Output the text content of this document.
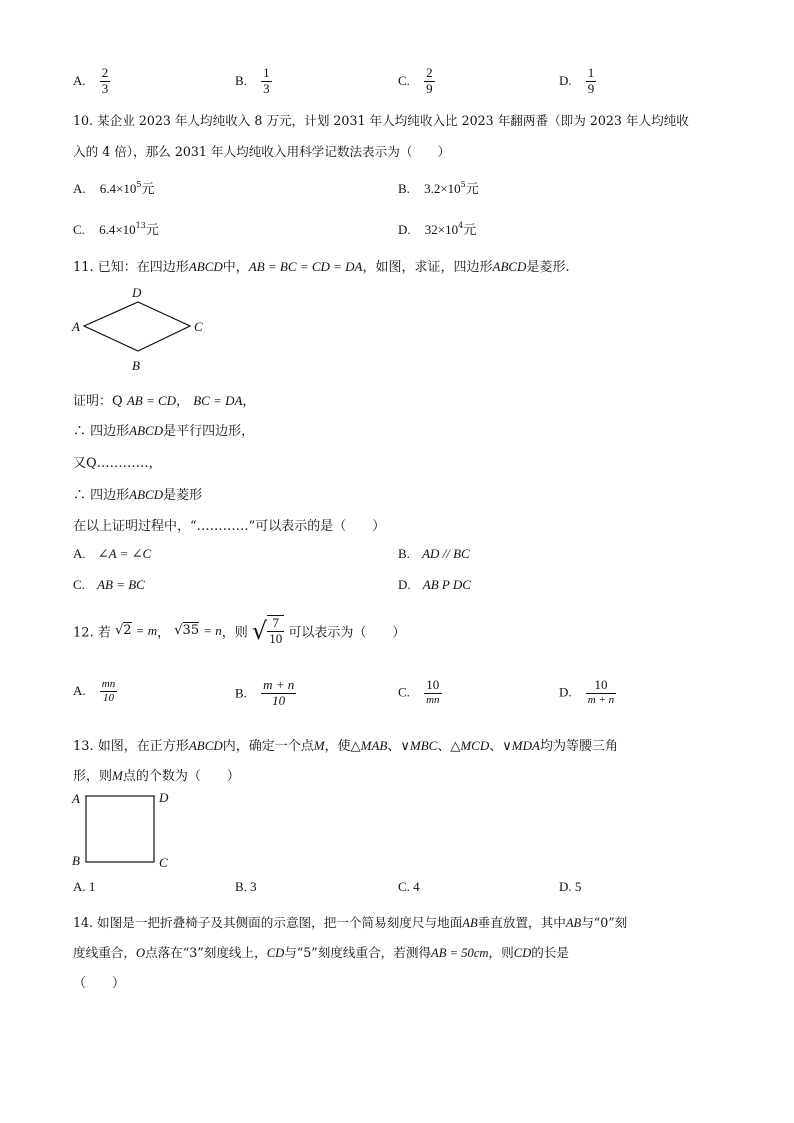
A. $\frac{2}{3}$	B. $\frac{1}{3}$	C. $\frac{2}{9}$	D. $\frac{1}{9}$
10. 某企业 2023 年人均纯收入 8 万元，计划 2031 年人均纯收入比 2023 年翻两番（即为 2023 年人均纯收
入的 4 倍），那么 2031 年人均纯收入用科学记数法表示为（　　）
A. $6.4\times 10^5$元	B. $3.2\times 10^5$元
C. $6.4\times 10^{13}$元	D. $32\times 10^4$元
11. 已知：在四边形ABCD中，AB = BC = CD = DA，如图，求证，四边形ABCD是菱形.
A
D
C
B
证明：Q AB = CD， BC = DA，
∴ 四边形ABCD是平行四边形，
又Q…………，
∴ 四边形ABCD是菱形
在以上证明过程中，“…………”可以表示的是（　　）
A. ∠A = ∠C	B. AD // BC
C. AB = BC	D. AB P DC
12. 若 √2 = m， √35 = n，则 √ $\frac{7}{10}$ 可以表示为（　　）
A. $\frac{mn}{10}$	B. $\frac{m + n}{10}$	C. $\frac{10}{mn}$	D. $\frac{10}{m + n}$
13. 如图，在正方形ABCD内，确定一个点M，使△MAB、∨MBC、△MCD、∨MDA均为等腰三角
形，则M点的个数为（　　）
A	D
B	C
A. 1	B. 3	C. 4	D. 5
14. 如图是一把折叠椅子及其侧面的示意图，把一个简易刻度尺与地面AB垂直放置，其中AB与“0”刻
度线重合，O点落在“3”刻度线上，CD与“5”刻度线重合，若测得AB = 50cm，则CD的长是
（　　）
